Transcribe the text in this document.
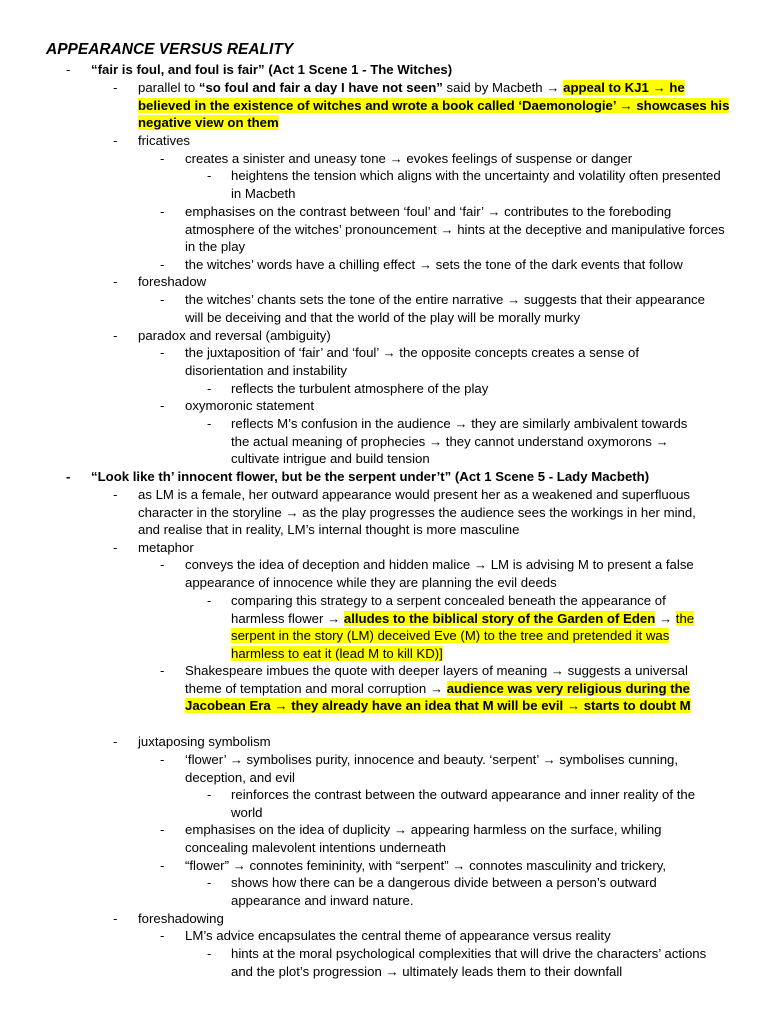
APPEARANCE VERSUS REALITY
- “fair is foul, and foul is fair” (Act 1 Scene 1 - The Witches)
- parallel to “so foul and fair a day I have not seen” said by Macbeth → appeal to KJ1 → he believed in the existence of witches and wrote a book called ‘Daemonologie’ → showcases his negative view on them
- fricatives
- creates a sinister and uneasy tone → evokes feelings of suspense or danger
- heightens the tension which aligns with the uncertainty and volatility often presented in Macbeth
- emphasises on the contrast between ‘foul’ and ‘fair’ → contributes to the foreboding atmosphere of the witches’ pronouncement → hints at the deceptive and manipulative forces in the play
- the witches’ words have a chilling effect → sets the tone of the dark events that follow
- foreshadow
- the witches’ chants sets the tone of the entire narrative → suggests that their appearance will be deceiving and that the world of the play will be morally murky
- paradox and reversal (ambiguity)
- the juxtaposition of ‘fair’ and ‘foul’ → the opposite concepts creates a sense of disorientation and instability
- reflects the turbulent atmosphere of the play
- oxymoronic statement
- reflects M’s confusion in the audience → they are similarly ambivalent towards the actual meaning of prophecies → they cannot understand oxymorons → cultivate intrigue and build tension
- “Look like th’ innocent flower, but be the serpent under’t” (Act 1 Scene 5 - Lady Macbeth)
- as LM is a female, her outward appearance would present her as a weakened and superfluous character in the storyline → as the play progresses the audience sees the workings in her mind, and realise that in reality, LM’s internal thought is more masculine
- metaphor
- conveys the idea of deception and hidden malice → LM is advising M to present a false appearance of innocence while they are planning the evil deeds
- comparing this strategy to a serpent concealed beneath the appearance of harmless flower → alludes to the biblical story of the Garden of Eden → the serpent in the story (LM) deceived Eve (M) to the tree and pretended it was harmless to eat it (lead M to kill KD)]
- Shakespeare imbues the quote with deeper layers of meaning → suggests a universal theme of temptation and moral corruption → audience was very religious during the Jacobean Era → they already have an idea that M will be evil → starts to doubt M
- juxtaposing symbolism
- ‘flower’ → symbolises purity, innocence and beauty. ‘serpent’ → symbolises cunning, deception, and evil
- reinforces the contrast between the outward appearance and inner reality of the world
- emphasises on the idea of duplicity → appearing harmless on the surface, whiling concealing malevolent intentions underneath
- “flower” → connotes femininity, with “serpent” → connotes masculinity and trickery,
- shows how there can be a dangerous divide between a person’s outward appearance and inward nature.
- foreshadowing
- LM’s advice encapsulates the central theme of appearance versus reality
- hints at the moral psychological complexities that will drive the characters’ actions and the plot’s progression → ultimately leads them to their downfall
